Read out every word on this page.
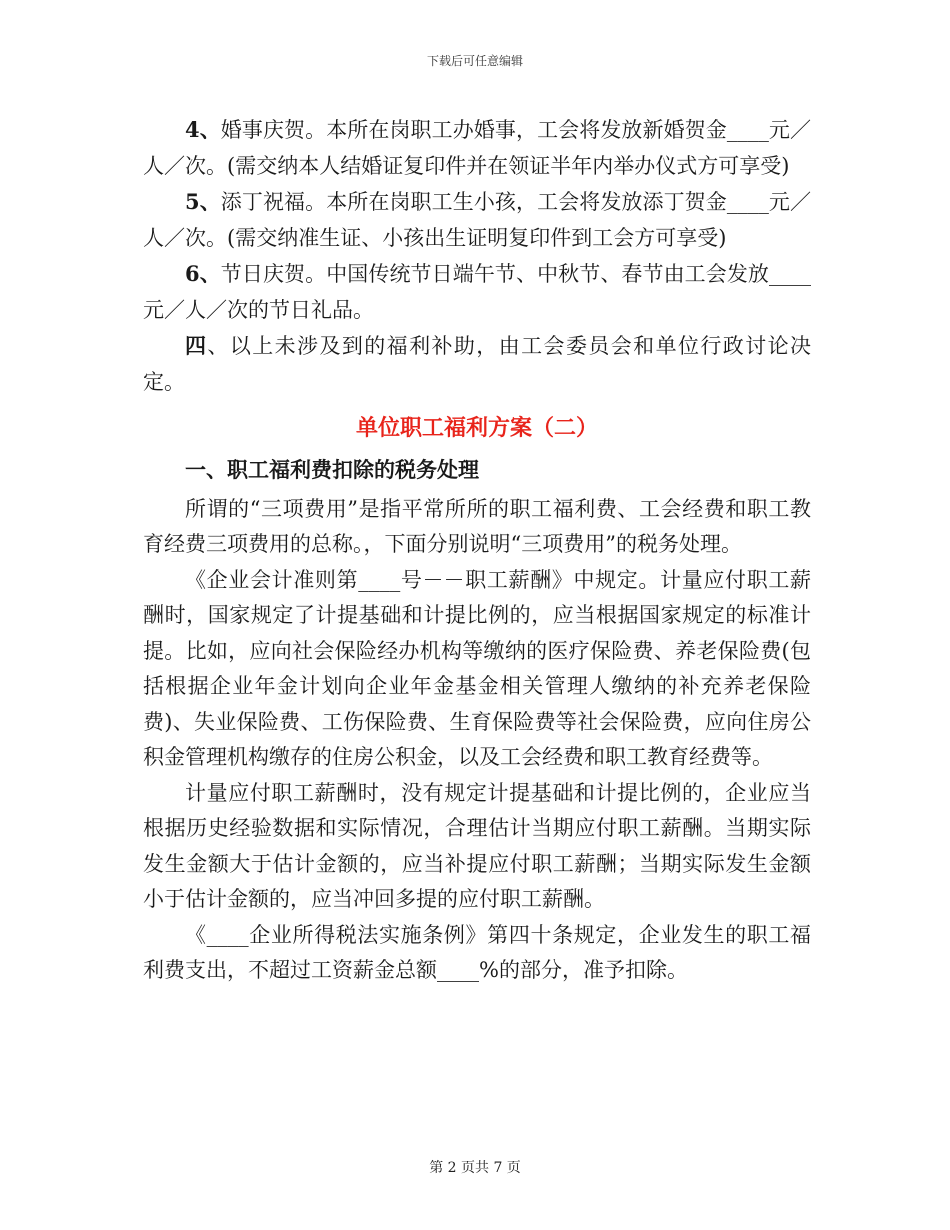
下载后可任意编辑

4、婚事庆贺。本所在岗职工办婚事，工会将发放新婚贺金____元／人／次。(需交纳本人结婚证复印件并在领证半年内举办仪式方可享受)

5、添丁祝福。本所在岗职工生小孩，工会将发放添丁贺金____元／人／次。(需交纳准生证、小孩出生证明复印件到工会方可享受)

6、节日庆贺。中国传统节日端午节、中秋节、春节由工会发放____元／人／次的节日礼品。

四、以上未涉及到的福利补助，由工会委员会和单位行政讨论决定。

单位职工福利方案（二）
一、职工福利费扣除的税务处理

所谓的“三项费用”是指平常所所的职工福利费、工会经费和职工教育经费三项费用的总称。，下面分别说明“三项费用”的税务处理。

《企业会计准则第____号－－职工薪酬》中规定。计量应付职工薪酬时，国家规定了计提基础和计提比例的，应当根据国家规定的标准计提。比如，应向社会保险经办机构等缴纳的医疗保险费、养老保险费(包括根据企业年金计划向企业年金基金相关管理人缴纳的补充养老保险费)、失业保险费、工伤保险费、生育保险费等社会保险费，应向住房公积金管理机构缴存的住房公积金，以及工会经费和职工教育经费等。

计量应付职工薪酬时，没有规定计提基础和计提比例的，企业应当根据历史经验数据和实际情况，合理估计当期应付职工薪酬。当期实际发生金额大于估计金额的，应当补提应付职工薪酬；当期实际发生金额小于估计金额的，应当冲回多提的应付职工薪酬。

《____企业所得税法实施条例》第四十条规定，企业发生的职工福利费支出，不超过工资薪金总额____%的部分，准予扣除。

第 2 页共 7 页
